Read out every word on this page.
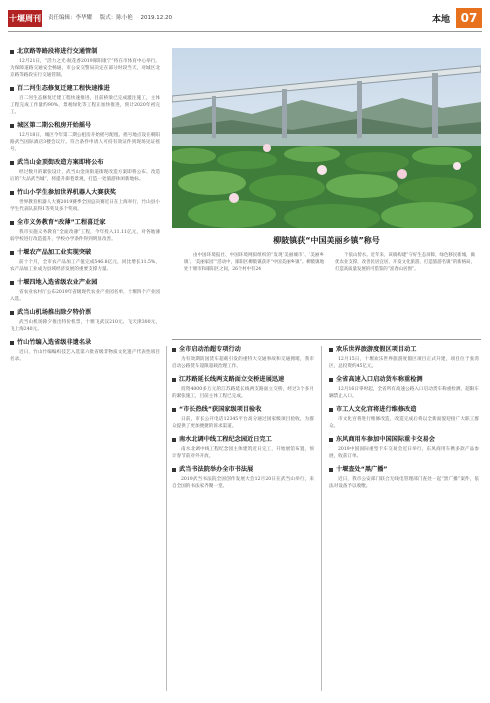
十堰周刊 责任编辑：李华耀 版式：陈小艳 2019.12.20	本地 07
北京路等路段将进行交通管制

12月21日，“活力之光·航花香2019郧阳康宁”将在市体育中心举行。为保障道路交通安全畅通，市公安交警局决定在部分时段当天，对城区北京路等路段实行交通管制。

百二河生态修复迁建工程快速推进

百二河生态修复迁建工程快速推进，目前桥梁已完成灌注施工，主体工程完成工作量约90%，景观绿化等工程正加快推进，预计2020年初完工。

城区第二期公租房开始摇号

12月18日，城区今年第二期公租房开始摇号配租。摇号地点设在朝阳路武当国际酒店3楼会议厅。符合条件申请人可持有效证件到现场见证摇号。

武当山金顶街改造方案即将公布

经过数月的紧张设计，武当山金顶街道街现改造方案即将公布。改造后的“大品武当城”，将提升街巷景观，打造一处旅游休闲新地标。

竹山小学生参加世界机器人大赛获奖

世界教育机器人大赛2019赛季全国总决赛近日在上海举行，竹山县小学生代表队获得1等奖及多个奖项。

全市义务教育“改薄”工程喜迁家

我市实施义务教育“全面改薄”工程，今年投入11.11亿元，对各地薄弱学校进行改造提升，学校办学条件得到明显改善。

十堰农产品加工业实现突破

前十个月，全市农产品加工产值完成546.8亿元，同比增长11.5%，农产品加工业成为县域经济发展的重要支撑力量。

十堰四地入选省级农业产业园

省农业农村厅公布2019年省级现代农业产业园名单，十堰四个产业园入选。

武当山机场推出除夕特价票

武当山机场除夕推出特价机票，十堰飞武汉210元、飞天津300元、飞上海240元。

竹山竹编入选省级非遗名录

近日，竹山竹编编织技艺入选第六批省级非物质文化遗产代表性项目名录。

柳陂镇获“中国美丽乡镇”称号

由中国环境报社、中国环境网拟组织的“发现‘美丽城市’、‘美丽乡镇’、‘美丽家园’”活动中，郧阳区柳陂镇获评“中国美丽乡镇”。柳陂镇地处十堰市和郧阳区之间，26个村中有24

个依山傍水。近年来，该镇构建“守好生态屏障，绿色移民新城，做优农业支撑，改善民居宜居、开发文化旅游，打造旅游名镇”的新格局，打造高质量发展的可借鉴的“富春山居图”。

全市启动治超专项行动

为有效期防国货车超载引发的重特大交通事故和交通拥堵，我市启动公路货车超限超载治理工作。

江苏路延长线两支路面立交桥进展迅速

投资4000多万元的江苏路延长线两支路面立交桥，经过3个多月的紧张施工，目前主体工程已完成。

“市长热线”获国家级项目验收

日前，市长公开电话12345平台高分通过国家级项目验收，为群众提供了更加便捷的诉求渠道。

南水北调中线工程纪念园近日完工

南水北调中线工程纪念园主体建筑近日完工，开始展馆布置，预计春节前对外开放。

武当书法院举办全市书法展

2019武当书法院全国创作发展大会12月20日在武当山举行，来自全国的书法家齐聚一堂。

欢乐世界旅游度假区项目动工

12月15日，十堰欢乐世界旅游度假区项目正式开建，项目位于张湾区，总投资约45亿元。

全省高速入口启动货车称重检测

12月16日零时起，全省所有高速公路入口启动货车称重检测，超限车辆禁止入口。

市工人文化宫将进行维修改造

市文化宫将进行维修改造，改造完成后将以全新面貌迎接广大职工群众。

东风商用车参加中国国际重卡交易会

2019中国国际重型卡车交易会近日举行，东风商用车携多款产品参展，收获订单。

十堰查处“黑广播”

近日，我市公安部门联合无线电管理部门查处一起“黑广播”案件，依法对设备予以收缴。
